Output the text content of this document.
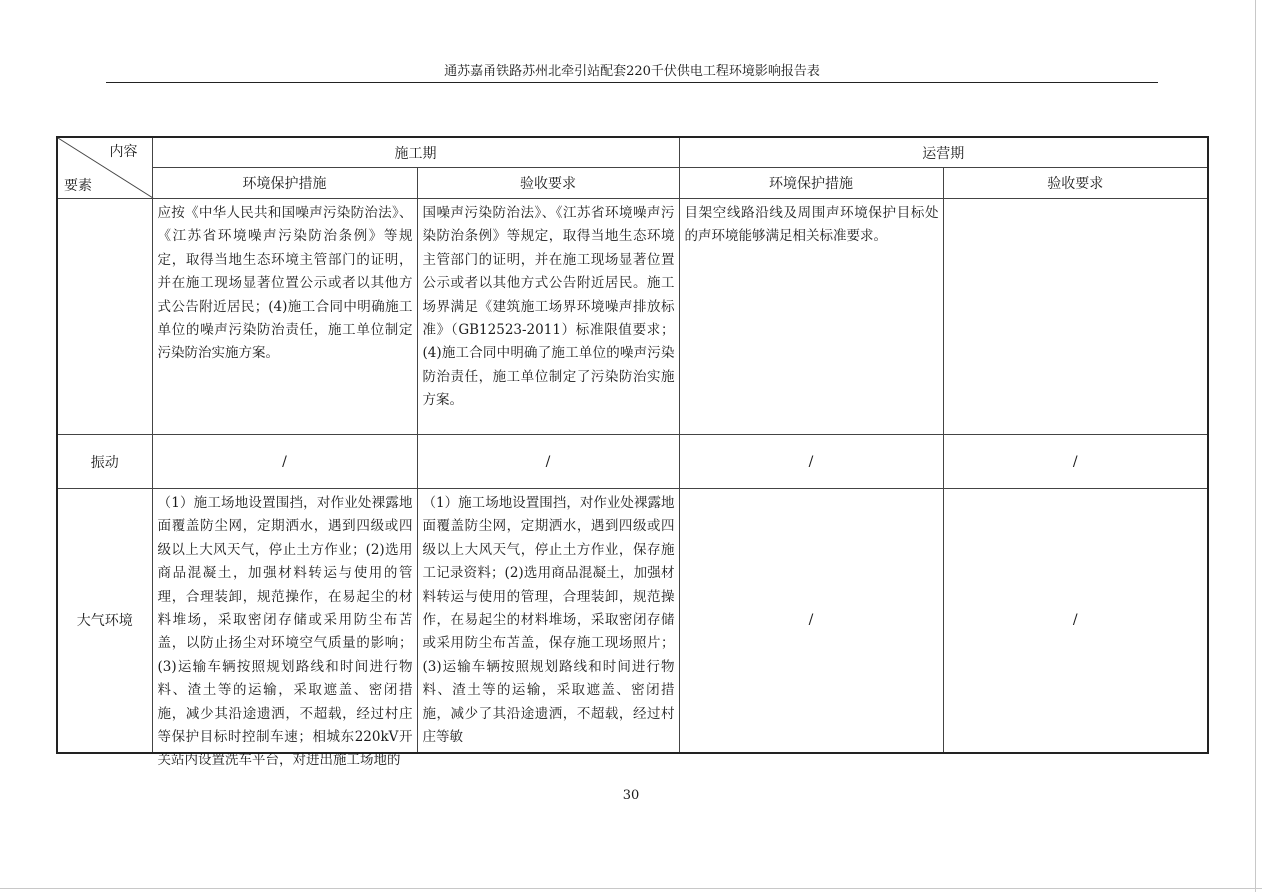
通苏嘉甬铁路苏州北牵引站配套220千伏供电工程环境影响报告表
内容
要素	施工期		运营期	
	环境保护措施	验收要求	环境保护措施	验收要求
	应按《中华人民共和国噪声污染防治法》、《江苏省环境噪声污染防治条例》等规定，取得当地生态环境主管部门的证明，并在施工现场显著位置公示或者以其他方式公告附近居民；(4)施工合同中明确施工单位的噪声污染防治责任，施工单位制定污染防治实施方案。	国噪声污染防治法》、《江苏省环境噪声污染防治条例》等规定，取得当地生态环境主管部门的证明，并在施工现场显著位置公示或者以其他方式公告附近居民。施工场界满足《建筑施工场界环境噪声排放标准》（GB12523-2011）标准限值要求；(4)施工合同中明确了施工单位的噪声污染防治责任，施工单位制定了污染防治实施方案。	目架空线路沿线及周围声环境保护目标处的声环境能够满足相关标准要求。	
振动	/	/	/	/
大气环境	（1）施工场地设置围挡，对作业处裸露地面覆盖防尘网，定期洒水，遇到四级或四级以上大风天气，停止土方作业；(2)选用商品混凝土，加强材料转运与使用的管理，合理装卸，规范操作，在易起尘的材料堆场，采取密闭存储或采用防尘布苫盖，以防止扬尘对环境空气质量的影响；(3)运输车辆按照规划路线和时间进行物料、渣土等的运输，采取遮盖、密闭措施，减少其沿途遗洒，不超载，经过村庄等保护目标时控制车速；相城东220kV开关站内设置洗车平台，对进出施工场地的	（1）施工场地设置围挡，对作业处裸露地面覆盖防尘网，定期洒水，遇到四级或四级以上大风天气，停止土方作业，保存施工记录资料；(2)选用商品混凝土，加强材料转运与使用的管理，合理装卸，规范操作，在易起尘的材料堆场，采取密闭存储或采用防尘布苫盖，保存施工现场照片；(3)运输车辆按照规划路线和时间进行物料、渣土等的运输，采取遮盖、密闭措施，减少了其沿途遗洒，不超载，经过村庄等敏	/	/
30
